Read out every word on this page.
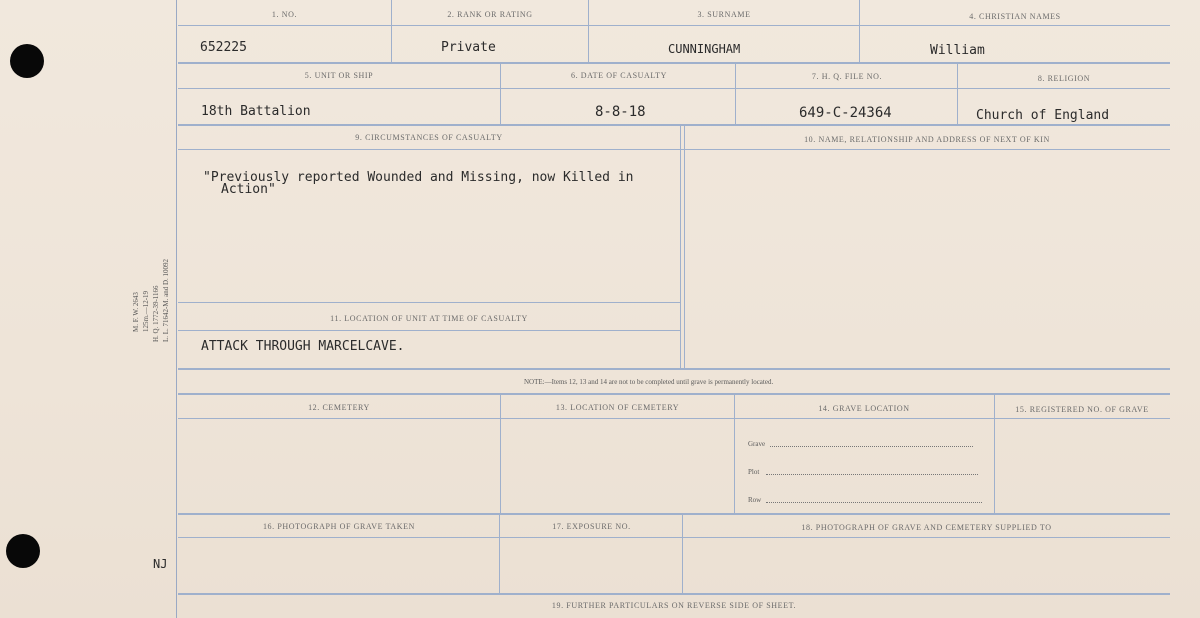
M. F. W. 2643 125m.—12-19 H. Q. 1772-39-1166 L. L. 71642-M. and D. 10092
NJ
1. NO.	2. RANK OR RATING	3. SURNAME	4. CHRISTIAN NAMES
652225	Private	CUNNINGHAM	William
5. UNIT OR SHIP	6. DATE OF CASUALTY	7. H. Q. FILE NO.	8. RELIGION
18th Battalion	8-8-18	649-C-24364	Church of England
9. CIRCUMSTANCES OF CASUALTY	10. NAME, RELATIONSHIP AND ADDRESS OF NEXT OF KIN
"Previously reported Wounded and Missing, now Killed in
Action"
11. LOCATION OF UNIT AT TIME OF CASUALTY
ATTACK THROUGH MARCELCAVE.
NOTE:—Items 12, 13 and 14 are not to be completed until grave is permanently located.
12. CEMETERY	13. LOCATION OF CEMETERY	14. GRAVE LOCATION	15. REGISTERED NO. OF GRAVE
Grave
Plot
Row
16. PHOTOGRAPH OF GRAVE TAKEN	17. EXPOSURE NO.	18. PHOTOGRAPH OF GRAVE AND CEMETERY SUPPLIED TO
19. FURTHER PARTICULARS ON REVERSE SIDE OF SHEET.
